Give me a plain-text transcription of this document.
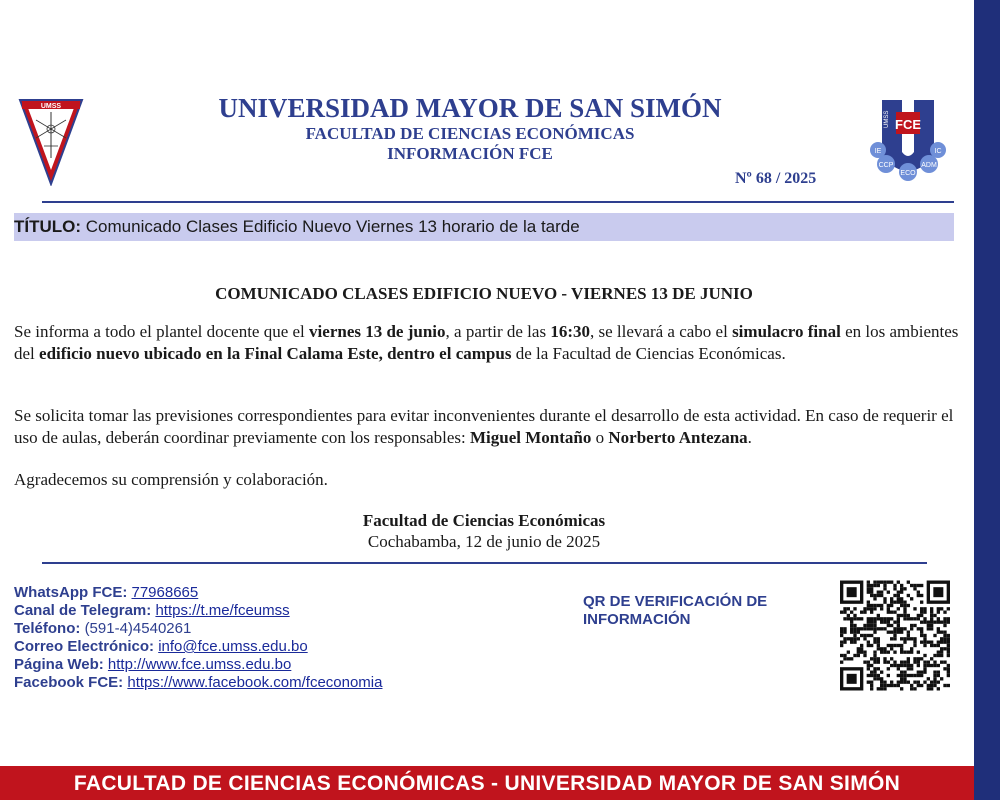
UMSS	UNIVERSIDAD MAYOR DE SAN SIMÓN
FACULTAD DE CIENCIAS ECONÓMICAS
INFORMACIÓN FCE
Nº 68 / 2025
FCE
UMSS
IE
CCP
ECO
ADM
IC
TÍTULO: Comunicado Clases Edificio Nuevo Viernes 13 horario de la tarde
COMUNICADO CLASES EDIFICIO NUEVO - VIERNES 13 DE JUNIO
Se informa a todo el plantel docente que el viernes 13 de junio, a partir de las 16:30, se llevará a cabo el simulacro final en los ambientes del edificio nuevo ubicado en la Final Calama Este, dentro el campus de la Facultad de Ciencias Económicas.
Se solicita tomar las previsiones correspondientes para evitar inconvenientes durante el desarrollo de esta actividad. En caso de requerir el uso de aulas, deberán coordinar previamente con los responsables: Miguel Montaño o Norberto Antezana.
Agradecemos su comprensión y colaboración.
Facultad de Ciencias Económicas
Cochabamba, 12 de junio de 2025
WhatsApp FCE: 77968665
Canal de Telegram: https://t.me/fceumss
Teléfono: (591-4)4540261
Correo Electrónico: info@fce.umss.edu.bo
Página Web: http://www.fce.umss.edu.bo
Facebook FCE: https://www.facebook.com/fceconomia
QR DE VERIFICACIÓN DE INFORMACIÓN
FACULTAD DE CIENCIAS ECONÓMICAS - UNIVERSIDAD MAYOR DE SAN SIMÓN
